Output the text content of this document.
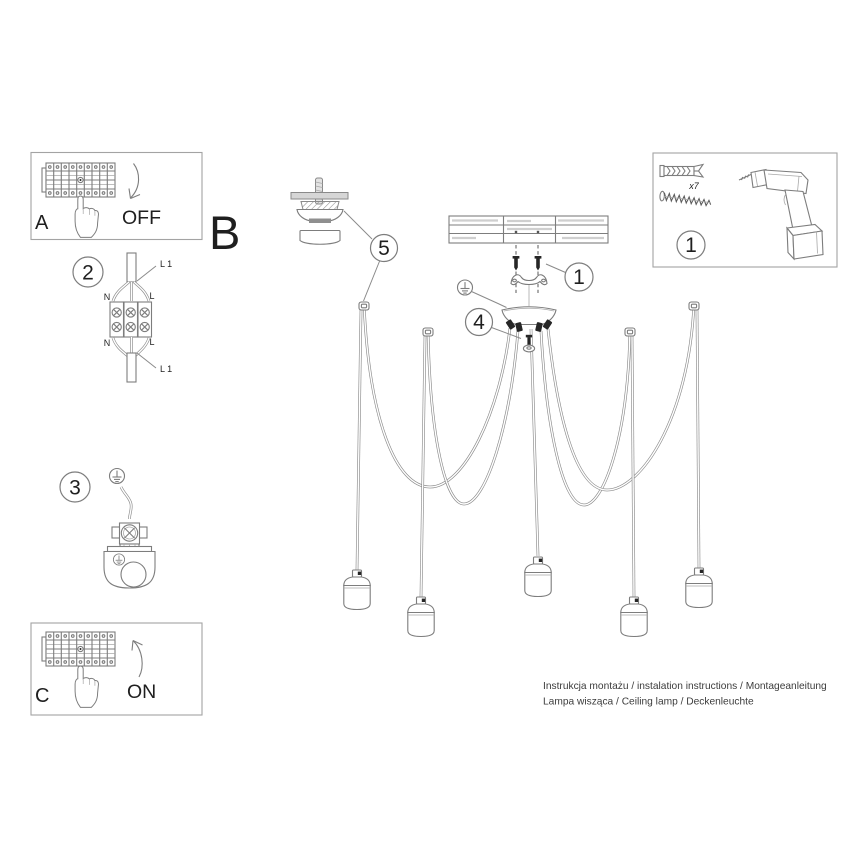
A	OFF
2	L 1
N	L
N	L
L 1
3
C	ON
B	5
1
4
x7
1
Instrukcja montażu / instalation instructions / Montageanleitung
Lampa wisząca / Ceiling lamp / Deckenleuchte
